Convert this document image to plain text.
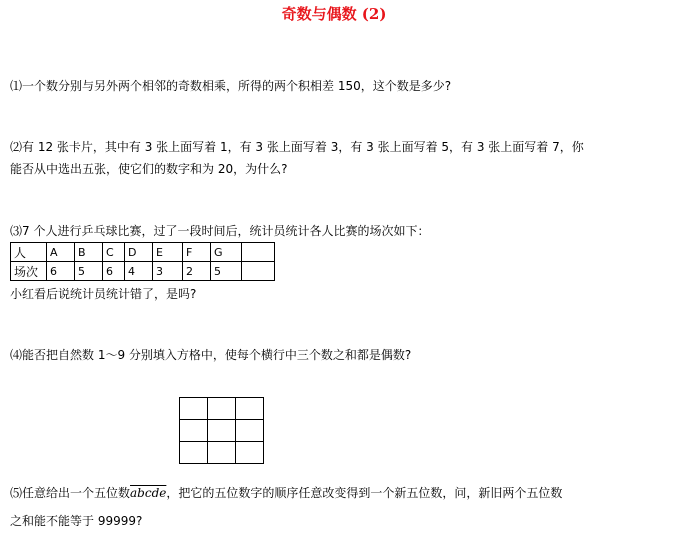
奇数与偶数 (2)
⑴一个数分别与另外两个相邻的奇数相乘，所得的两个积相差 150，这个数是多少?
⑵有 12 张卡片，其中有 3 张上面写着 1，有 3 张上面写着 3，有 3 张上面写着 5，有 3 张上面写着 7，你
能否从中选出五张，使它们的数字和为 20，为什么?
⑶7 个人进行乒乓球比赛，过了一段时间后，统计员统计各人比赛的场次如下：
人	A	B	C	D	E	F	G	
场次	6	5	6	4	3	2	5	
小红看后说统计员统计错了，是吗?
⑷能否把自然数 1～9 分别填入方格中，使每个横行中三个数之和都是偶数?
⑸任意给出一个五位数abcde，把它的五位数字的顺序任意改变得到一个新五位数，问，新旧两个五位数
之和能不能等于 99999?
